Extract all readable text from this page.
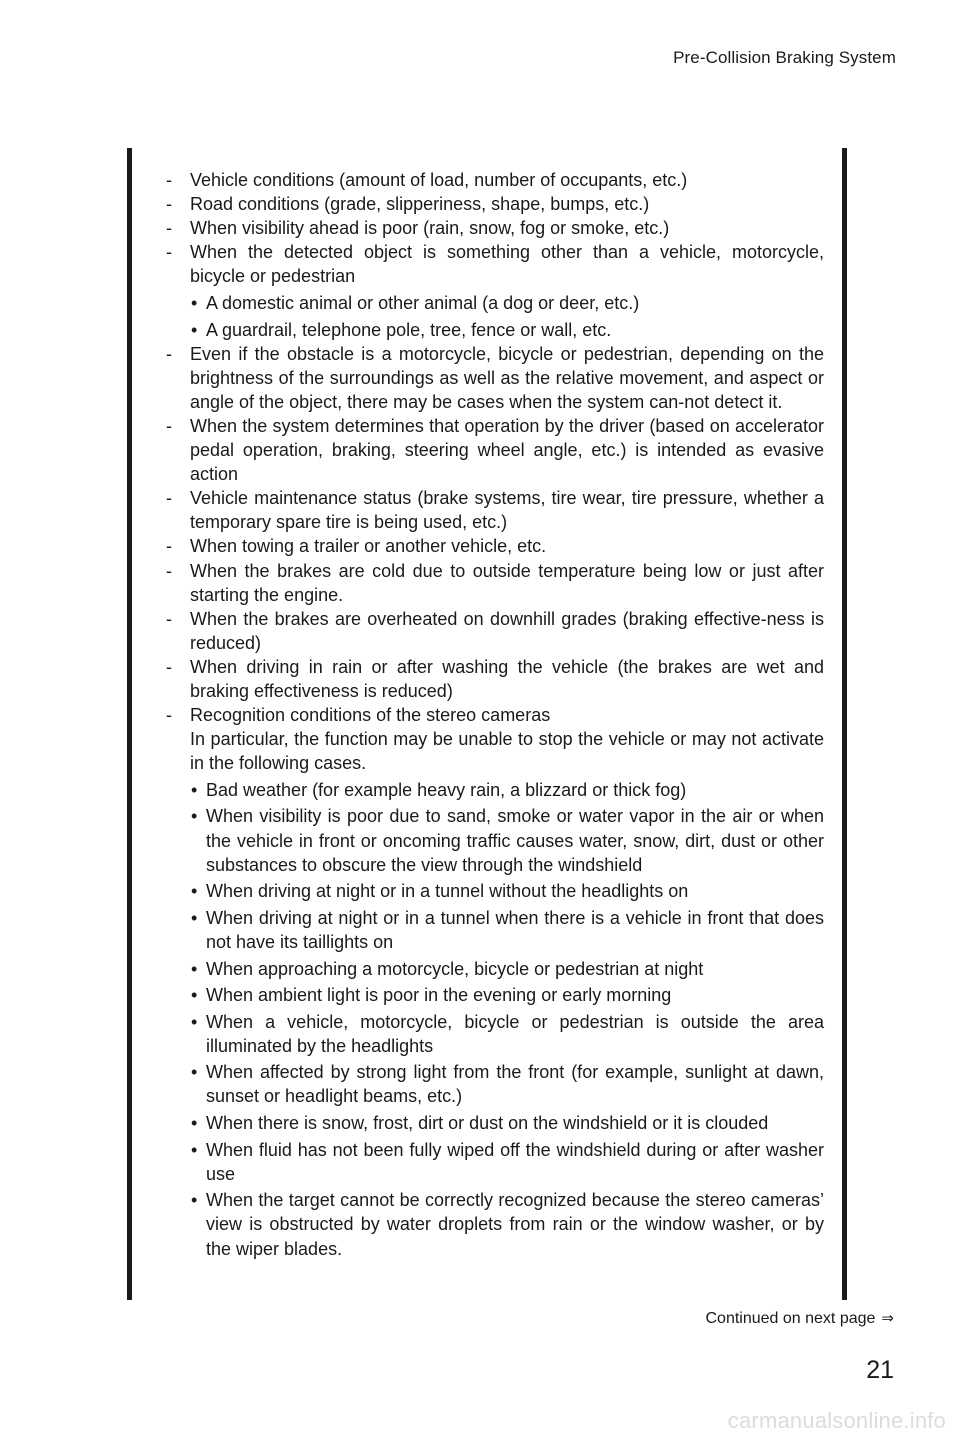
Pre-Collision Braking System
- Vehicle conditions (amount of load, number of occupants, etc.)
- Road conditions (grade, slipperiness, shape, bumps, etc.)
- When visibility ahead is poor (rain, snow, fog or smoke, etc.)
- When the detected object is something other than a vehicle, motorcycle, bicycle or pedestrian
• A domestic animal or other animal (a dog or deer, etc.)
• A guardrail, telephone pole, tree, fence or wall, etc.
- Even if the obstacle is a motorcycle, bicycle or pedestrian, depending on the brightness of the surroundings as well as the relative movement, and aspect or angle of the object, there may be cases when the system can-not detect it.
- When the system determines that operation by the driver (based on accelerator pedal operation, braking, steering wheel angle, etc.) is intended as evasive action
- Vehicle maintenance status (brake systems, tire wear, tire pressure, whether a temporary spare tire is being used, etc.)
- When towing a trailer or another vehicle, etc.
- When the brakes are cold due to outside temperature being low or just after starting the engine.
- When the brakes are overheated on downhill grades (braking effective-ness is reduced)
- When driving in rain or after washing the vehicle (the brakes are wet and braking effectiveness is reduced)
- Recognition conditions of the stereo cameras
In particular, the function may be unable to stop the vehicle or may not activate in the following cases.
• Bad weather (for example heavy rain, a blizzard or thick fog)
• When visibility is poor due to sand, smoke or water vapor in the air or when the vehicle in front or oncoming traffic causes water, snow, dirt, dust or other substances to obscure the view through the windshield
• When driving at night or in a tunnel without the headlights on
• When driving at night or in a tunnel when there is a vehicle in front that does not have its taillights on
• When approaching a motorcycle, bicycle or pedestrian at night
• When ambient light is poor in the evening or early morning
• When a vehicle, motorcycle, bicycle or pedestrian is outside the area illuminated by the headlights
• When affected by strong light from the front (for example, sunlight at dawn, sunset or headlight beams, etc.)
• When there is snow, frost, dirt or dust on the windshield or it is clouded
• When fluid has not been fully wiped off the windshield during or after washer use
• When the target cannot be correctly recognized because the stereo cameras’ view is obstructed by water droplets from rain or the window washer, or by the wiper blades.
Continued on next page ⇒
21
carmanualsonline.info
